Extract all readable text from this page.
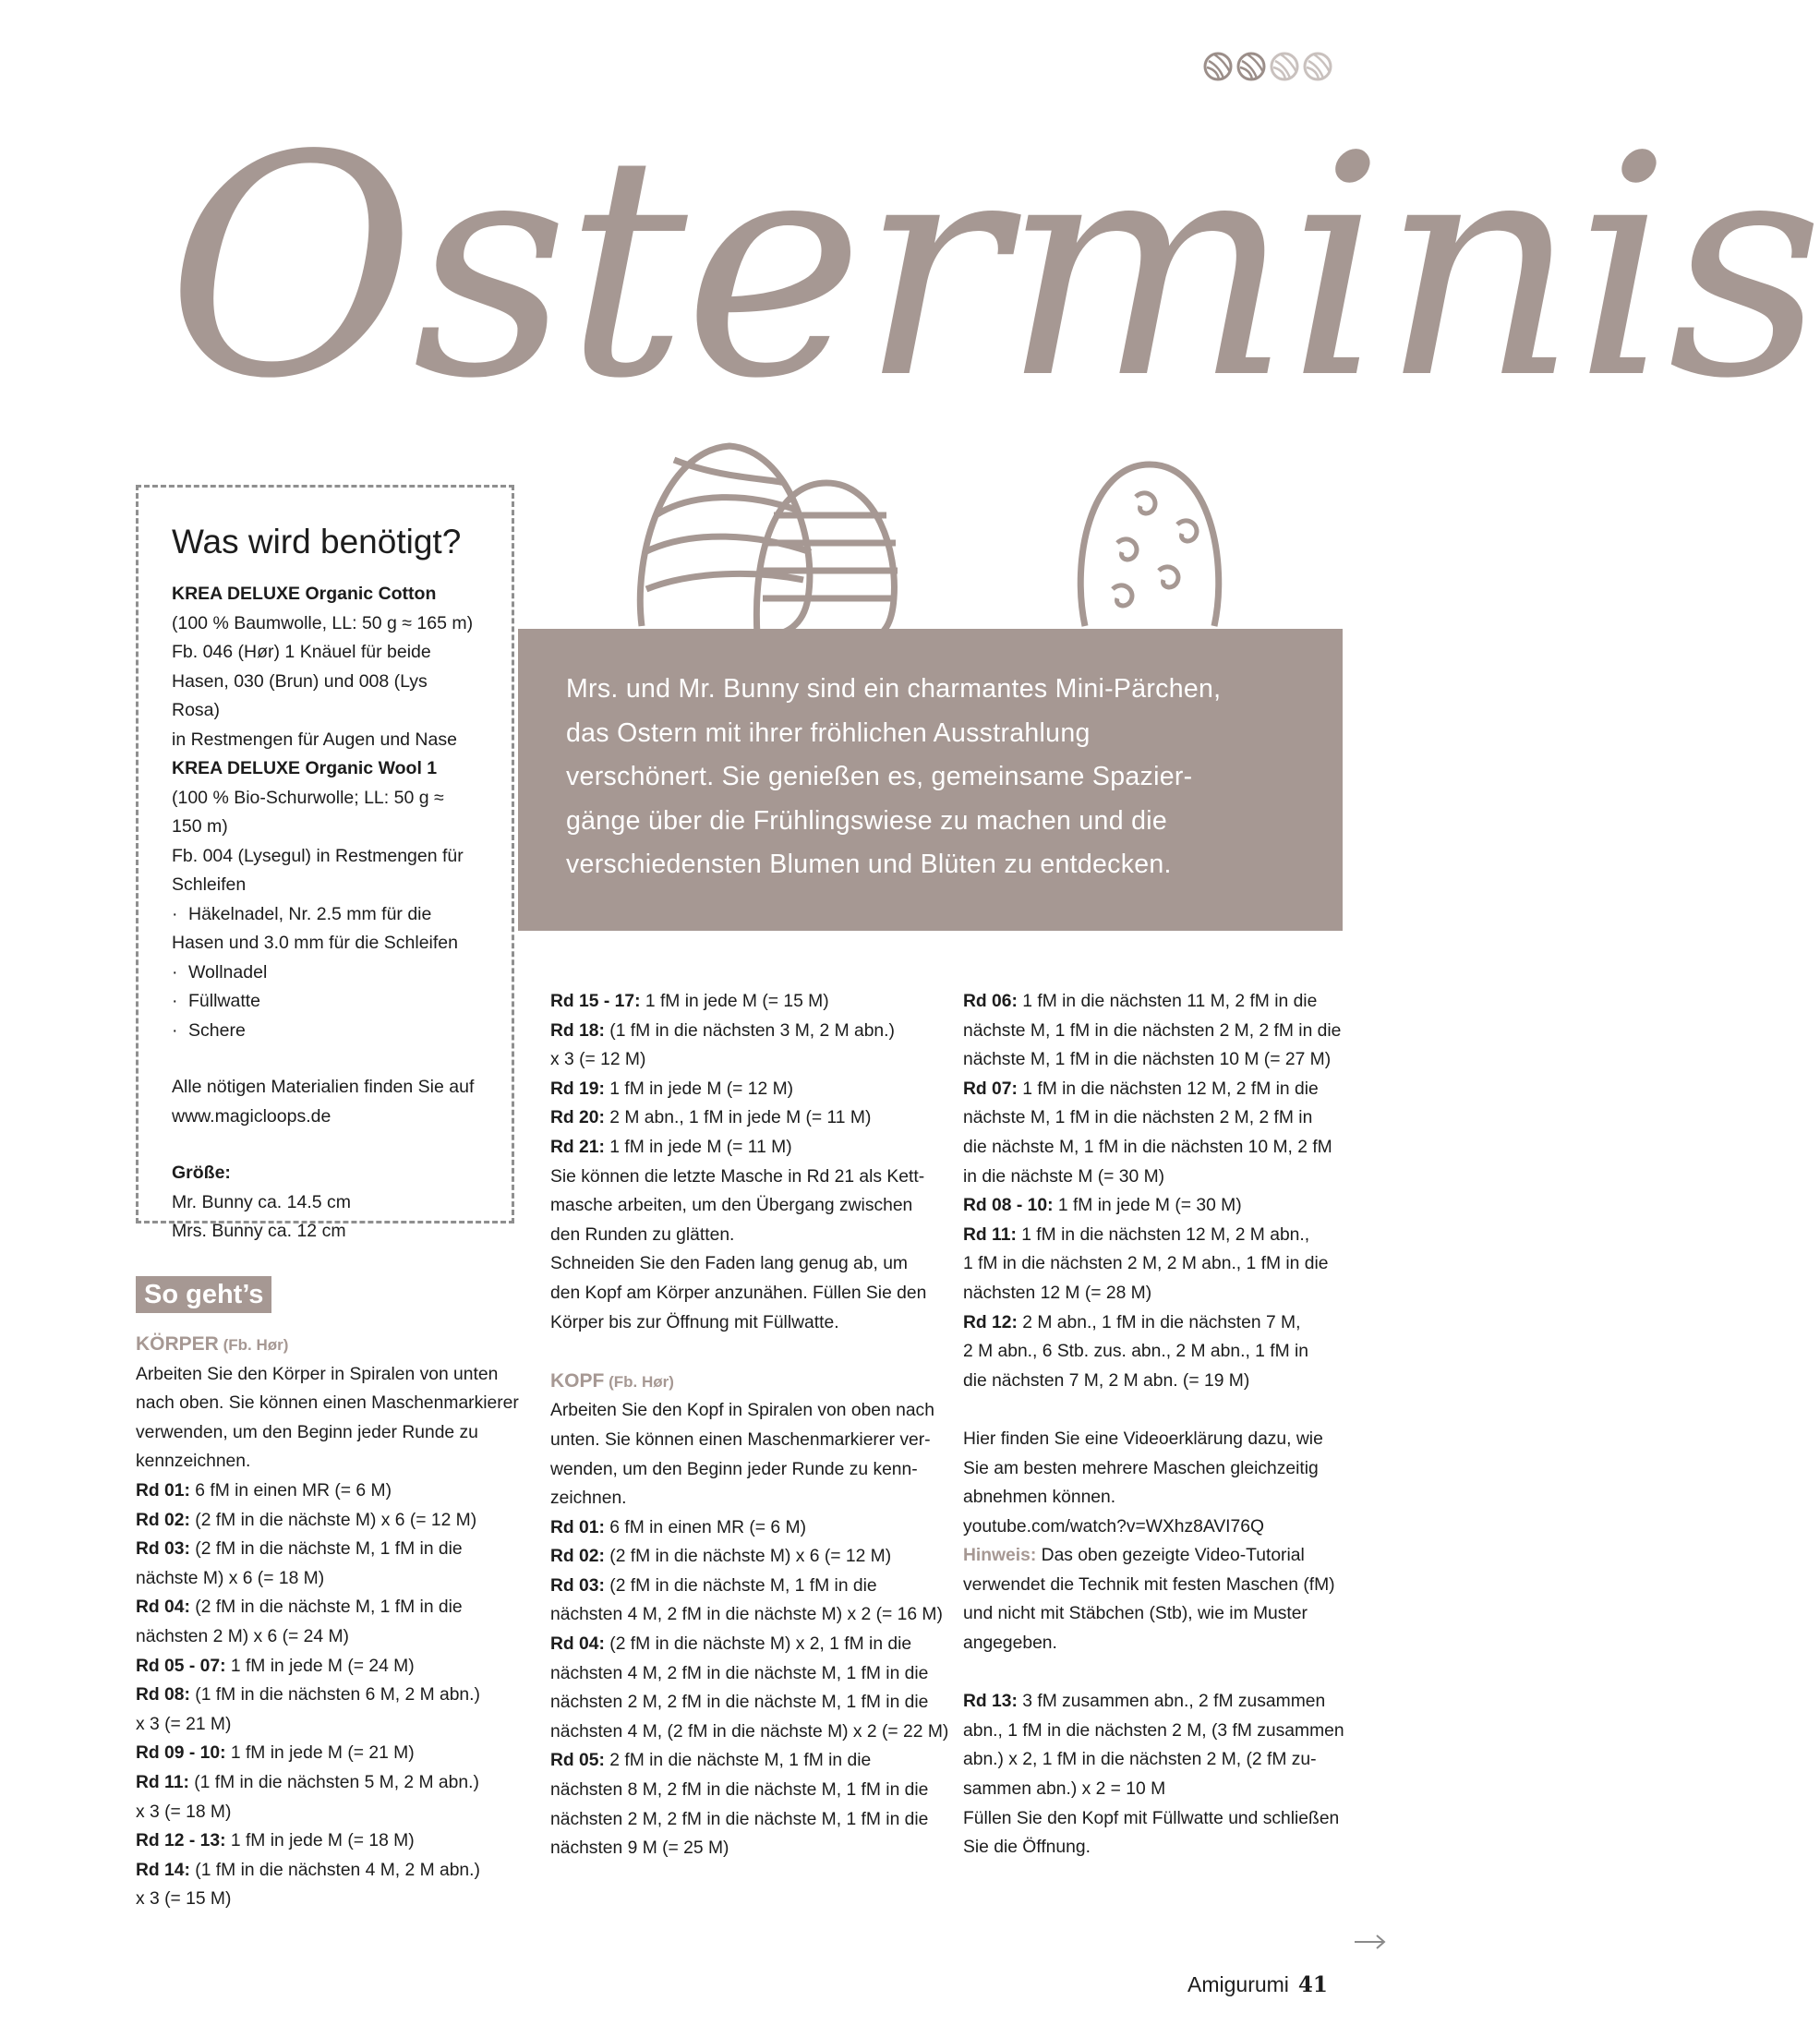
Osterminis
Was wird benötigt?
KREA DELUXE Organic Cotton
(100 % Baumwolle, LL: 50 g ≈ 165 m)
Fb. 046 (Hør) 1 Knäuel für beide
Hasen, 030 (Brun) und 008 (Lys Rosa)
in Restmengen für Augen und Nase
KREA DELUXE Organic Wool 1
(100 % Bio-Schurwolle; LL: 50 g ≈ 150 m)
Fb. 004 (Lysegul) in Restmengen für
Schleifen
· Häkelnadel, Nr. 2.5 mm für die
Hasen und 3.0 mm für die Schleifen
· Wollnadel
· Füllwatte
· Schere
Alle nötigen Materialien finden Sie auf
www.magicloops.de
Größe:
Mr. Bunny ca. 14.5 cm
Mrs. Bunny ca. 12 cm

Mrs. und Mr. Bunny sind ein charmantes Mini-Pärchen,

das Ostern mit ihrer fröhlichen Ausstrahlung

verschönert. Sie genießen es, gemeinsame Spazier-

gänge über die Frühlingswiese zu machen und die

verschiedensten Blumen und Blüten zu entdecken.

So geht’s

KÖRPER (Fb. Hør)

Arbeiten Sie den Körper in Spiralen von unten

nach oben. Sie können einen Maschenmarkierer

verwenden, um den Beginn jeder Runde zu

kennzeichnen.

Rd 01: 6 fM in einen MR (= 6 M)

Rd 02: (2 fM in die nächste M) x 6 (= 12 M)

Rd 03: (2 fM in die nächste M, 1 fM in die

nächste M) x 6 (= 18 M)

Rd 04: (2 fM in die nächste M, 1 fM in die

nächsten 2 M) x 6 (= 24 M)

Rd 05 - 07: 1 fM in jede M (= 24 M)

Rd 08: (1 fM in die nächsten 6 M, 2 M abn.)

x 3 (= 21 M)

Rd 09 - 10: 1 fM in jede M (= 21 M)

Rd 11: (1 fM in die nächsten 5 M, 2 M abn.)

x 3 (= 18 M)

Rd 12 - 13: 1 fM in jede M (= 18 M)

Rd 14: (1 fM in die nächsten 4 M, 2 M abn.)

x 3 (= 15 M)

Rd 15 - 17: 1 fM in jede M (= 15 M)

Rd 18: (1 fM in die nächsten 3 M, 2 M abn.)

x 3 (= 12 M)

Rd 19: 1 fM in jede M (= 12 M)

Rd 20: 2 M abn., 1 fM in jede M (= 11 M)

Rd 21: 1 fM in jede M (= 11 M)

Sie können die letzte Masche in Rd 21 als Kett-

masche arbeiten, um den Übergang zwischen

den Runden zu glätten.

Schneiden Sie den Faden lang genug ab, um

den Kopf am Körper anzunähen. Füllen Sie den

Körper bis zur Öffnung mit Füllwatte.

KOPF (Fb. Hør)

Arbeiten Sie den Kopf in Spiralen von oben nach

unten. Sie können einen Maschenmarkierer ver-

wenden, um den Beginn jeder Runde zu kenn-

zeichnen.

Rd 01: 6 fM in einen MR (= 6 M)

Rd 02: (2 fM in die nächste M) x 6 (= 12 M)

Rd 03: (2 fM in die nächste M, 1 fM in die

nächsten 4 M, 2 fM in die nächste M) x 2 (= 16 M)

Rd 04: (2 fM in die nächste M) x 2, 1 fM in die

nächsten 4 M, 2 fM in die nächste M, 1 fM in die

nächsten 2 M, 2 fM in die nächste M, 1 fM in die

nächsten 4 M, (2 fM in die nächste M) x 2 (= 22 M)

Rd 05: 2 fM in die nächste M, 1 fM in die

nächsten 8 M, 2 fM in die nächste M, 1 fM in die

nächsten 2 M, 2 fM in die nächste M, 1 fM in die

nächsten 9 M (= 25 M)

Rd 06: 1 fM in die nächsten 11 M, 2 fM in die

nächste M, 1 fM in die nächsten 2 M, 2 fM in die

nächste M, 1 fM in die nächsten 10 M (= 27 M)

Rd 07: 1 fM in die nächsten 12 M, 2 fM in die

nächste M, 1 fM in die nächsten 2 M, 2 fM in

die nächste M, 1 fM in die nächsten 10 M, 2 fM

in die nächste M (= 30 M)

Rd 08 - 10: 1 fM in jede M (= 30 M)

Rd 11: 1 fM in die nächsten 12 M, 2 M abn.,

1 fM in die nächsten 2 M, 2 M abn., 1 fM in die

nächsten 12 M (= 28 M)

Rd 12: 2 M abn., 1 fM in die nächsten 7 M,

2 M abn., 6 Stb. zus. abn., 2 M abn., 1 fM in

die nächsten 7 M, 2 M abn. (= 19 M)

Hier finden Sie eine Videoerklärung dazu, wie

Sie am besten mehrere Maschen gleichzeitig

abnehmen können.

youtube.com/watch?v=WXhz8AVI76Q

Hinweis: Das oben gezeigte Video-Tutorial

verwendet die Technik mit festen Maschen (fM)

und nicht mit Stäbchen (Stb), wie im Muster

angegeben.

Rd 13: 3 fM zusammen abn., 2 fM zusammen

abn., 1 fM in die nächsten 2 M, (3 fM zusammen

abn.) x 2, 1 fM in die nächsten 2 M, (2 fM zu-

sammen abn.) x 2 = 10 M

Füllen Sie den Kopf mit Füllwatte und schließen

Sie die Öffnung.

Amigurumi 41
